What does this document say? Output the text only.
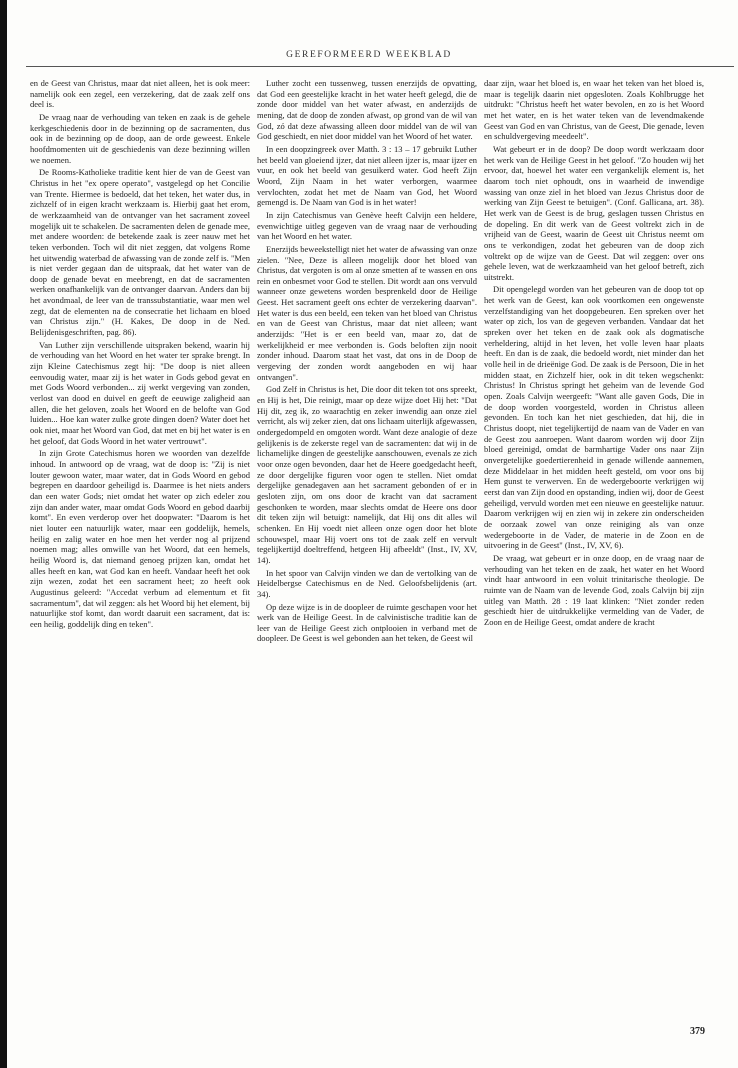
GEREFORMEERD WEEKBLAD

en de Geest van Christus, maar dat niet alleen, het is ook meer: namelijk ook een zegel, een verzekering, dat de zaak zelf ons deel is.

De vraag naar de verhouding van teken en zaak is de gehele kerkgeschiedenis door in de bezinning op de sacramenten, dus ook in de bezinning op de doop, aan de orde geweest. Enkele hoofdmomenten uit de geschiedenis van deze bezinning willen we noemen.

De Rooms-Katholieke traditie kent hier de van de Geest van Christus in het "ex opere operato", vastgelegd op het Concilie van Trente. Hiermee is bedoeld, dat het teken, het water dus, in zichzelf of in eigen kracht werkzaam is. Hierbij gaat het erom, de werkzaamheid van de ontvanger van het sacrament zoveel mogelijk uit te schakelen. De sacramenten delen de genade mee, met andere woorden: de betekende zaak is zeer nauw met het teken verbonden. Toch wil dit niet zeggen, dat volgens Rome het uitwendig waterbad de afwassing van de zonde zelf is. "Men is niet verder gegaan dan de uitspraak, dat het water van de doop de genade bevat en meebrengt, en dat de sacramenten werken onafhankelijk van de ontvanger daarvan. Anders dan bij het avondmaal, de leer van de transsubstantiatie, waar men wel zegt, dat de elementen na de consecratie het lichaam en bloed van Christus zijn." (H. Kakes, De doop in de Ned. Belijdenisgeschriften, pag. 86).

Van Luther zijn verschillende uitspraken bekend, waarin hij de verhouding van het Woord en het water ter sprake brengt. In zijn Kleine Catechismus zegt hij: "De doop is niet alleen eenvoudig water, maar zij is het water in Gods gebod gevat en met Gods Woord verbonden... zij werkt vergeving van zonden, verlost van dood en duivel en geeft de eeuwige zaligheid aan allen, die het geloven, zoals het Woord en de belofte van God luiden... Hoe kan water zulke grote dingen doen? Water doet het ook niet, maar het Woord van God, dat met en bij het water is en het geloof, dat Gods Woord in het water vertrouwt".

In zijn Grote Catechismus horen we woorden van dezelfde inhoud. In antwoord op de vraag, wat de doop is: "Zij is niet louter gewoon water, maar water, dat in Gods Woord en gebod begrepen en daardoor geheiligd is. Daarmee is het niets anders dan een water Gods; niet omdat het water op zich edeler zou zijn dan ander water, maar omdat Gods Woord en gebod daarbij komt". En even verderop over het doopwater: "Daarom is het niet louter een natuurlijk water, maar een goddelijk, hemels, heilig en zalig water en hoe men het verder nog al prijzend noemen mag; alles omwille van het Woord, dat een hemels, heilig Woord is, dat niemand genoeg prijzen kan, omdat het alles heeft en kan, wat God kan en heeft. Vandaar heeft het ook zijn wezen, zodat het een sacrament heet; zo heeft ook Augustinus geleerd: "Accedat verbum ad elementum et fit sacramentum", dat wil zeggen: als het Woord bij het element, bij natuurlijke stof komt, dan wordt daaruit een sacrament, dat is: een heilig, goddelijk ding en teken".

Luther zocht een tussenweg, tussen enerzijds de opvatting, dat God een geestelijke kracht in het water heeft gelegd, die de zonde door middel van het water afwast, en anderzijds de mening, dat de doop de zonden afwast, op grond van de wil van God, zó dat deze afwassing alleen door middel van de wil van God geschiedt, en niet door middel van het Woord of het water.

In een doopzingreek over Matth. 3 : 13 – 17 gebruikt Luther het beeld van gloeiend ijzer, dat niet alleen ijzer is, maar ijzer en vuur, en ook het beeld van gesuikerd water. God heeft Zijn Woord, Zijn Naam in het water verborgen, waarmee vervlochten, zodat het met de Naam van God, het Woord gemengd is. De Naam van God is in het water!

In zijn Catechismus van Genève heeft Calvijn een heldere, evenwichtige uitleg gegeven van de vraag naar de verhouding van het Woord en het water.

Enerzijds beweekstelligt niet het water de afwassing van onze zielen. "Nee, Deze is alleen mogelijk door het bloed van Christus, dat vergoten is om al onze smetten af te wassen en ons rein en onbesmet voor God te stellen. Dit wordt aan ons vervuld wanneer onze gewetens worden besprenkeld door de Heilige Geest. Het sacrament geeft ons echter de verzekering daarvan". Het water is dus een beeld, een teken van het bloed van Christus en van de Geest van Christus, maar dat niet alleen; want anderzijds: "Het is er een beeld van, maar zo, dat de werkelijkheid er mee verbonden is. Gods beloften zijn nooit zonder inhoud. Daarom staat het vast, dat ons in de Doop de vergeving der zonden wordt aangeboden en wij haar ontvangen".

God Zelf in Christus is het, Die door dit teken tot ons spreekt, en Hij is het, Die reinigt, maar op deze wijze doet Hij het: "Dat Hij dit, zeg ik, zo waarachtig en zeker inwendig aan onze ziel verricht, als wij zeker zien, dat ons lichaam uiterlijk afgewassen, ondergedompeld en omgoten wordt. Want deze analogie of deze gelijkenis is de zekerste regel van de sacramenten: dat wij in de lichamelijke dingen de geestelijke aanschouwen, evenals ze zich voor onze ogen bevonden, daar het de Heere goedgedacht heeft, ze door dergelijke figuren voor ogen te stellen. Niet omdat dergelijke genadegaven aan het sacrament gebonden of er in gesloten zijn, om ons door de kracht van dat sacrament geschonken te worden, maar slechts omdat de Heere ons door dit teken zijn wil betuigt: namelijk, dat Hij ons dit alles wil schenken. En Hij voedt niet alleen onze ogen door het blote schouwspel, maar Hij voert ons tot de zaak zelf en vervult tegelijkertijd doeltreffend, hetgeen Hij afbeeldt" (Inst., IV, XV, 14).

In het spoor van Calvijn vinden we dan de vertolking van de Heidelbergse Catechismus en de Ned. Geloofsbelijdenis (art. 34).

Op deze wijze is in de doopleer de ruimte geschapen voor het werk van de Heilige Geest. In de calvinistische traditie kan de leer van de Heilige Geest zich ontplooien in verband met de doopleer. De Geest is wel gebonden aan het teken, de Geest wil

daar zijn, waar het bloed is, en waar het teken van het bloed is, maar is tegelijk daarin niet opgesloten. Zoals Kohlbrugge het uitdrukt: "Christus heeft het water bevolen, en zo is het Woord met het water, en is het water teken van de levendmakende Geest van God en van Christus, van de Geest, Die genade, leven en schuldvergeving meedeelt".

Wat gebeurt er in de doop? De doop wordt werkzaam door het werk van de Heilige Geest in het geloof. "Zo houden wij het ervoor, dat, hoewel het water een vergankelijk element is, het daarom toch niet ophoudt, ons in waarheid de inwendige wassing van onze ziel in het bloed van Jezus Christus door de werking van Zijn Geest te betuigen". (Conf. Gallicana, art. 38). Het werk van de Geest is de brug, geslagen tussen Christus en de dopeling. En dit werk van de Geest voltrekt zich in de vrijheid van de Geest, waarin de Geest uit Christus neemt om ons te verkondigen, zodat het gebeuren van de doop zich voltrekt op de wijze van de Geest. Dat wil zeggen: over ons gehele leven, wat de werkzaamheid van het geloof betreft, zich uitstrekt.

Dit opengelegd worden van het gebeuren van de doop tot op het werk van de Geest, kan ook voortkomen een ongewenste verzelfstandiging van het doopgebeuren. Een spreken over het water op zich, los van de gegeven verbanden. Vandaar dat het spreken over het teken en de zaak ook als dogmatische verheldering, altijd in het leven, het volle leven haar plaats heeft. En dan is de zaak, die bedoeld wordt, niet minder dan het volle heil in de drieënige God. De zaak is de Persoon, Die in het midden staat, en Zichzelf hier, ook in dit teken wegschenkt: Christus! In Christus springt het geheim van de levende God open. Zoals Calvijn weergeeft: "Want alle gaven Gods, Die in de doop worden voorgesteld, worden in Christus alleen gevonden. En toch kan het niet geschieden, dat hij, die in Christus doopt, niet tegelijkertijd de naam van de Vader en van de Geest zou aanroepen. Want daarom worden wij door Zijn bloed gereinigd, omdat de barmhartige Vader ons naar Zijn onvergetelijke goedertierenheid in genade willende aannemen, deze Middelaar in het midden heeft gesteld, om voor ons bij Hem gunst te verwerven. En de wedergeboorte verkrijgen wij eerst dan van Zijn dood en opstanding, indien wij, door de Geest geheiligd, vervuld worden met een nieuwe en geestelijke natuur. Daarom verkrijgen wij en zien wij in zekere zin onderscheiden de oorzaak zowel van onze reiniging als van onze wedergeboorte in de Vader, de materie in de Zoon en de uitvoering in de Geest" (Inst., IV, XV, 6).

De vraag, wat gebeurt er in onze doop, en de vraag naar de verhouding van het teken en de zaak, het water en het Woord vindt haar antwoord in een voluit trinitarische theologie. De ruimte van de Naam van de levende God, zoals Calvijn bij zijn uitleg van Matth. 28 : 19 laat klinken: "Niet zonder reden geschiedt hier de uitdrukkelijke vermelding van de Vader, de Zoon en de Heilige Geest, omdat andere de kracht

379
